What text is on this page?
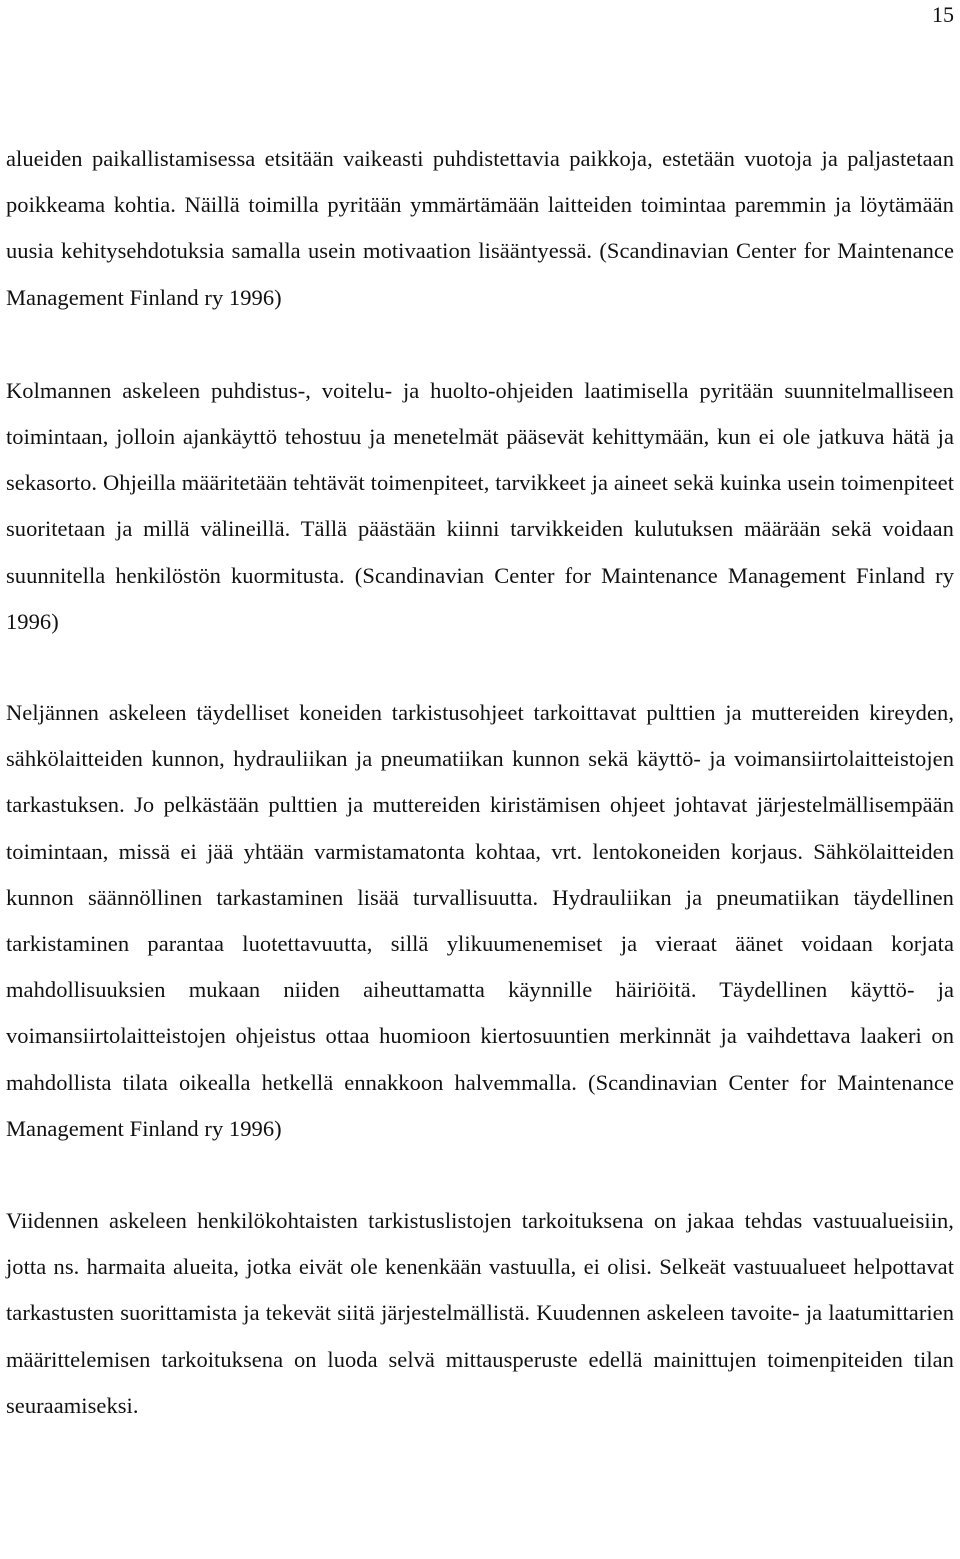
15

alueiden paikallistamisessa etsitään vaikeasti puhdistettavia paikkoja, estetään vuotoja ja paljastetaan poikkeama kohtia. Näillä toimilla pyritään ymmärtämään laitteiden toimintaa paremmin ja löytämään uusia kehitysehdotuksia samalla usein motivaation lisääntyessä. (Scandinavian Center for Maintenance Management Finland ry 1996)

Kolmannen askeleen puhdistus-, voitelu- ja huolto-ohjeiden laatimisella pyritään suunnitelmalliseen toimintaan, jolloin ajankäyttö tehostuu ja menetelmät pääsevät kehittymään, kun ei ole jatkuva hätä ja sekasorto. Ohjeilla määritetään tehtävät toimenpiteet, tarvikkeet ja aineet sekä kuinka usein toimenpiteet suoritetaan ja millä välineillä. Tällä päästään kiinni tarvikkeiden kulutuksen määrään sekä voidaan suunnitella henkilöstön kuormitusta. (Scandinavian Center for Maintenance Management Finland ry 1996)

Neljännen askeleen täydelliset koneiden tarkistusohjeet tarkoittavat pulttien ja muttereiden kireyden, sähkölaitteiden kunnon, hydrauliikan ja pneumatiikan kunnon sekä käyttö- ja voimansiirtolaitteistojen tarkastuksen. Jo pelkästään pulttien ja muttereiden kiristämisen ohjeet johtavat järjestelmällisempään toimintaan, missä ei jää yhtään varmistamatonta kohtaa, vrt. lentokoneiden korjaus. Sähkölaitteiden kunnon säännöllinen tarkastaminen lisää turvallisuutta. Hydrauliikan ja pneumatiikan täydellinen tarkistaminen parantaa luotettavuutta, sillä ylikuumenemiset ja vieraat äänet voidaan korjata mahdollisuuksien mukaan niiden aiheuttamatta käynnille häiriöitä. Täydellinen käyttö- ja voimansiirtolaitteistojen ohjeistus ottaa huomioon kiertosuuntien merkinnät ja vaihdettava laakeri on mahdollista tilata oikealla hetkellä ennakkoon halvemmalla. (Scandinavian Center for Maintenance Management Finland ry 1996)

Viidennen askeleen henkilökohtaisten tarkistuslistojen tarkoituksena on jakaa tehdas vastuualueisiin, jotta ns. harmaita alueita, jotka eivät ole kenenkään vastuulla, ei olisi. Selkeät vastuualueet helpottavat tarkastusten suorittamista ja tekevät siitä järjestelmällistä. Kuudennen askeleen tavoite- ja laatumittarien määrittelemisen tarkoituksena on luoda selvä mittausperuste edellä mainittujen toimenpiteiden tilan seuraamiseksi.
